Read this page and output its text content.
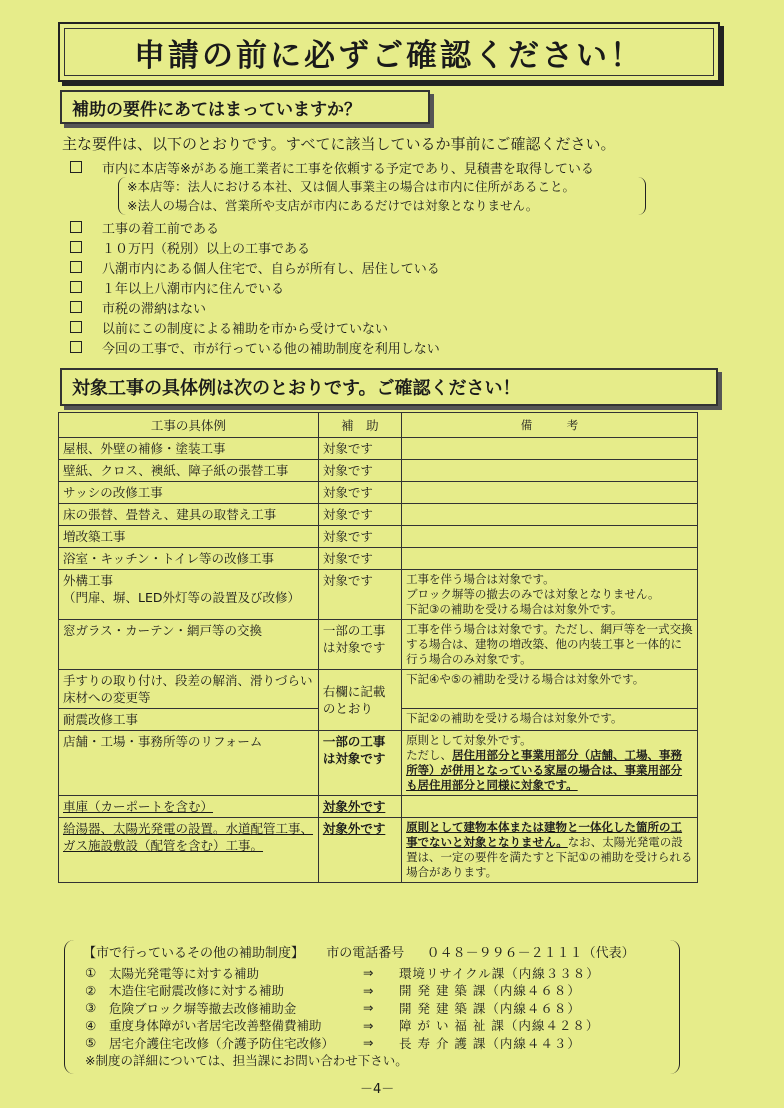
申請の前に必ずご確認ください！
補助の要件にあてはまっていますか？
主な要件は、以下のとおりです。すべてに該当しているか事前にご確認ください。
市内に本店等※がある施工業者に工事を依頼する予定であり、見積書を取得している
※本店等：法人における本社、又は個人事業主の場合は市内に住所があること。
※法人の場合は、営業所や支店が市内にあるだけでは対象となりません。
工事の着工前である
１０万円（税別）以上の工事である
八潮市内にある個人住宅で、自らが所有し、居住している
１年以上八潮市内に住んでいる
市税の滞納はない
以前にこの制度による補助を市から受けていない
今回の工事で、市が行っている他の補助制度を利用しない
対象工事の具体例は次のとおりです。ご確認ください！
工事の具体例	補　助	備　　　考
屋根、外壁の補修・塗装工事	対象です	
壁紙、クロス、襖紙、障子紙の張替工事	対象です	
サッシの改修工事	対象です	
床の張替、畳替え、建具の取替え工事	対象です	
増改築工事	対象です	
浴室・キッチン・トイレ等の改修工事	対象です	
外構工事
（門扉、塀、LED外灯等の設置及び改修）	対象です	工事を伴う場合は対象です。
ブロック塀等の撤去のみでは対象となりません。
下記③の補助を受ける場合は対象外です。
窓ガラス・カーテン・網戸等の交換	一部の工事は対象です	工事を伴う場合は対象です。ただし、網戸等を一式交換する場合は、建物の増改築、他の内装工事と一体的に行う場合のみ対象です。
手すりの取り付け、段差の解消、滑りづらい床材への変更等	右欄に記載のとおり	下記④や⑤の補助を受ける場合は対象外です。
耐震改修工事		下記②の補助を受ける場合は対象外です。
店舗・工場・事務所等のリフォーム	一部の工事は対象です	原則として対象外です。
ただし、居住用部分と事業用部分（店舗、工場、事務所等）が併用となっている家屋の場合は、事業用部分も居住用部分と同様に対象です。
車庫（カーポートを含む）	対象外です	
給湯器、太陽光発電の設置。水道配管工事、ガス施設敷設（配管を含む）工事。	対象外です	原則として建物本体または建物と一体化した箇所の工事でないと対象となりません。なお、太陽光発電の設置は、一定の要件を満たすと下記①の補助を受けられる場合があります。
【市で行っているその他の補助制度】 市の電話番号 ０４８－９９６－２１１１（代表）
①	太陽光発電等に対する補助	⇒	環境リサイクル課（内線３３８）
②	木造住宅耐震改修に対する補助	⇒	開 発 建 築 課（内線４６８）
③	危険ブロック塀等撤去改修補助金	⇒	開 発 建 築 課（内線４６８）
④	重度身体障がい者居宅改善整備費補助	⇒	障 が い 福 祉 課（内線４２８）
⑤	居宅介護住宅改修（介護予防住宅改修）	⇒	長 寿 介 護 課（内線４４３）
※制度の詳細については、担当課にお問い合わせ下さい。
－4－
